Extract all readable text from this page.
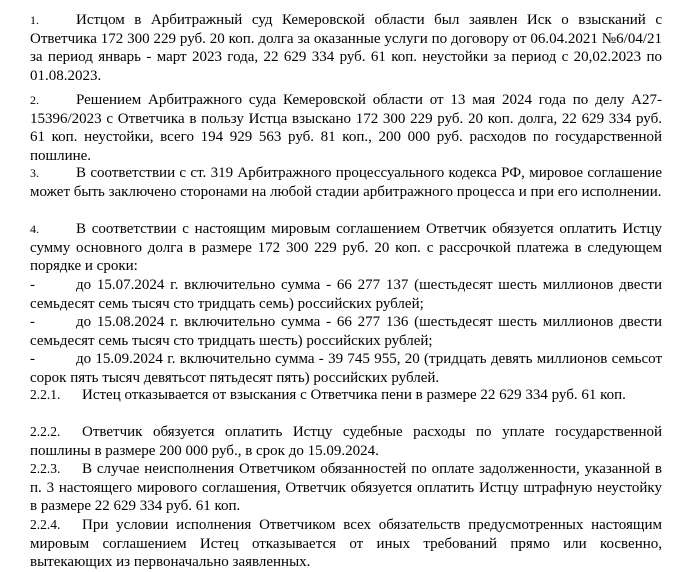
1. Истцом в Арбитражный суд Кемеровской области был заявлен Иск о взысканий с Ответчика 172 300 229 руб. 20 коп. долга за оказанные услуги по договору от 06.04.2021 №6/04/21 за период январь - март 2023 года, 22 629 334 руб. 61 коп. неустойки за период с 20,02.2023 по 01.08.2023.
2. Решением Арбитражного суда Кемеровской области от 13 мая 2024 года по делу А27- 15396/2023 с Ответчика в пользу Истца взыскано 172 300 229 руб. 20 коп. долга, 22 629 334 руб. 61 коп. неустойки, всего 194 929 563 руб. 81 коп., 200 000 руб. расходов по государственной пошлине.
3. В соответствии с ст. 319 Арбитражного процессуального кодекса РФ, мировое соглашение может быть заключено сторонами на любой стадии арбитражного процесса и при его исполнении.
4. В соответствии с настоящим мировым соглашением Ответчик обязуется оплатить Истцу сумму основного долга в размере 172 300 229 руб. 20 коп. с рассрочкой платежа в следующем порядке и сроки:
-	до 15.07.2024 г. включительно сумма - 66 277 137 (шестьдесят шесть миллионов двести семьдесят семь тысяч сто тридцать семь) российских рублей;
-	до 15.08.2024 г. включительно сумма - 66 277 136 (шестьдесят шесть миллионов двести семьдесят семь тысяч сто тридцать шесть) российских рублей;
-	до 15.09.2024 г. включительно сумма - 39 745 955, 20 (тридцать девять миллионов семьсот сорок пять тысяч девятьсот пятьдесят пять) российских рублей.
2.2.1. Истец отказывается от взыскания с Ответчика пени в размере 22 629 334 руб. 61 коп.
2.2.2. Ответчик обязуется оплатить Истцу судебные расходы по уплате государственной пошлины в размере 200 000 руб., в срок до 15.09.2024.
2.2.3. В случае неисполнения Ответчиком обязанностей по оплате задолженности, указанной в п. 3 настоящего мирового соглашения, Ответчик обязуется оплатить Истцу штрафную неустойку в размере 22 629 334 руб. 61 коп.
2.2.4. При условии исполнения Ответчиком всех обязательств предусмотренных настоящим мировым соглашением Истец отказывается от иных требований прямо или косвенно, вытекающих из первоначально заявленных.
